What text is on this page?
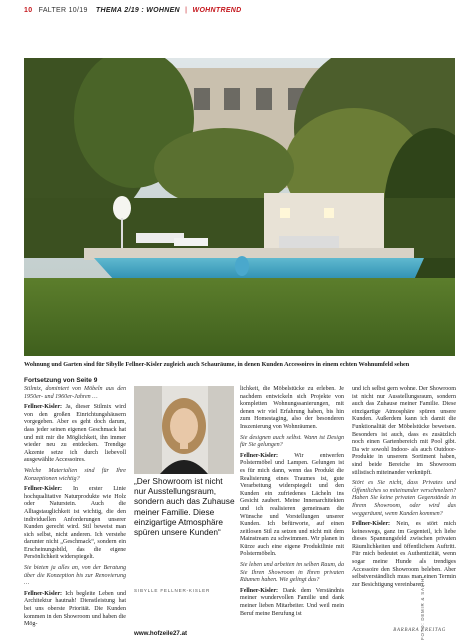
10 FALTER 10/19 THEMA 2/19 : WOHNEN | WOHNTREND
Wohnung und Garten sind für Sibylle Fellner-Kisler zugleich auch Schauräume, in denen Kunden Accessoires in einem echten Wohnumfeld sehen
Fortsetzung von Seite 9

Stilmix, dominiert von Möbeln aus den 1950er- und 1960er-Jahren …

Fellner-Kisler: Ja, dieser Stilmix wird von den großen Einrichtungshäusern vorgegeben. Aber es geht doch darum, dass jeder seinen eigenen Geschmack hat und mit mir die Möglichkeit, ihn immer wieder neu zu entdecken. Trendige Akzente setze ich durch liebevoll ausgewählte Accessoires.

Welche Materialien sind für Ihre Konzeptionen wichtig?

Fellner-Kisler: In erster Linie hochqualitative Naturprodukte wie Holz oder Naturstein. Auch die Alltagstauglichkeit ist wichtig, die den individuellen Anforderungen unserer Kunden gerecht wird. Stil beweist man sich selbst, nicht anderen. Ich verstehe darunter nicht „Geschmack“, sondern ein Erscheinungsbild, das die eigene Persönlichkeit widerspiegelt.

Sie bieten ja alles an, von der Beratung über die Konzeption bis zur Renovierung …

Fellner-Kisler: Ich begleite Leben und Architektur hautnah! Dienstleistung hat bei uns oberste Priorität. Die Kunden kommen in den Showroom und haben die Mög-

„Der Showroom ist nicht nur Ausstellungsraum, sondern auch das Zuhause meiner Familie. Diese einzigartige Atmosphäre spüren unsere Kunden“
SIBYLLE FELLNER-KISLER
www.hofzeile27.at

lichkeit, die Möbelstücke zu erleben. Je nachdem entwickeln sich Projekte von kompletten Wohnungssanierungen, mit denen wir viel Erfahrung haben, bis hin zum Homestaging, also der besonderen Inszenierung von Wohnräumen.

Sie designen auch selbst. Wann ist Design für Sie gelungen?

Fellner-Kisler: Wir entwerfen Polstermöbel und Lampen. Gelungen ist es für mich dann, wenn das Produkt die Realisierung eines Traumes ist, gute Verarbeitung widerspiegelt und den Kunden ein zufriedenes Lächeln ins Gesicht zaubert. Meine Innenarchitekten und ich realisieren gemeinsam die Wünsche und Vorstellungen unserer Kunden. Ich befürworte, auf einen zeitlosen Stil zu setzen und nicht mit dem Mainstream zu schwimmen. Wir planen in Kürze auch eine eigene Produktlinie mit Polstermöbeln.

Sie leben und arbeiten im selben Raum, da Sie Ihren Showroom in Ihren privaten Räumen haben. Wie gelingt das?

Fellner-Kisler: Dank dem Verständnis meiner wundervollen Familie und dank meiner lieben Mitarbeiter. Und weil mein Beruf meine Berufung ist

und ich selbst gern wohne. Der Showroom ist nicht nur Ausstellungsraum, sondern auch das Zuhause meiner Familie. Diese einzigartige Atmosphäre spüren unsere Kunden. Außerdem kann ich damit die Funktionalität der Möbelstücke beweisen. Besonders ist auch, dass es zusätzlich noch einen Gartenbereich mit Pool gibt. Da wir sowohl Indoor- als auch Outdoor-Produkte in unserem Sortiment haben, sind beide Bereiche im Showroom stilistisch miteinander verknüpft.

Stört es Sie nicht, dass Privates und Öffentliches so miteinander verschmelzen? Haben Sie keine privaten Gegenstände in Ihrem Showroom, oder wird das weggeräumt, wenn Kunden kommen?

Fellner-Kisler: Nein, es stört mich keineswegs, ganz im Gegenteil, ich liebe dieses Spannungsfeld zwischen privaten Räumlichkeiten und öffentlichem Auftritt. Für mich bedeutet es Authentizität, wenn sogar meine Hunde als trendiges Accessoire den Showroom beleben. Aber selbstverständlich muss man einen Termin zur Besichtigung vereinbaren.

BARBARA FREITAG
FOTO: DEMIR & SALIHI
